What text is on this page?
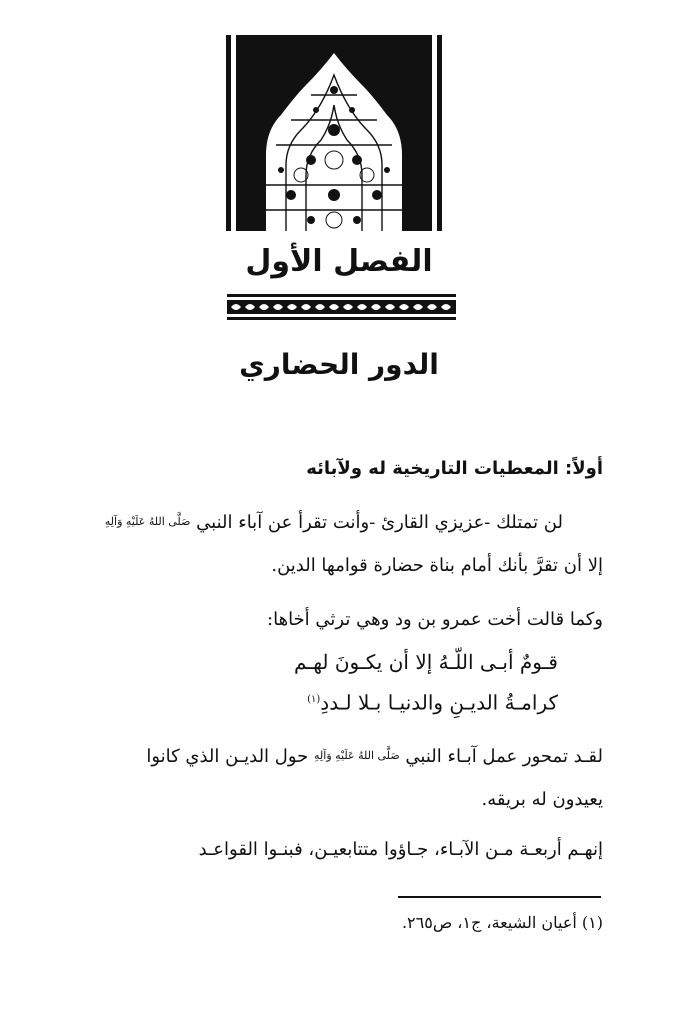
الفصل الأول
الدور الحضاري
أولاً: المعطيات التاريخية له ولآبائه
لن تمتلك -عزيزي القارئ -وأنت تقرأ عن آباء النبي صَلَّى اللهُ عَلَيْهِ وَآلِهِ
إلا أن تقرَّ بأنك أمام بناة حضارة قوامها الدين.
وكما قالت أخت عمرو بن ود وهي ترثي أخاها:
قـومٌ أبـى اللّـهُ إلا أن يكـونَ لهـم
كرامـةُ الديـنِ والدنيـا بـلا لـددِ$^{(١)}$
لقـد تمحور عمل آبـاء النبي صَلَّى اللهُ عَلَيْهِ وَآلِهِ حول الديـن الذي كانوا
يعيدون له بريقه.
إنهـم أربعـة مـن الآبـاء، جـاؤوا متتابعيـن، فبنـوا القواعـد
(١) أعيان الشيعة، ج١، ص٢٦٥.
